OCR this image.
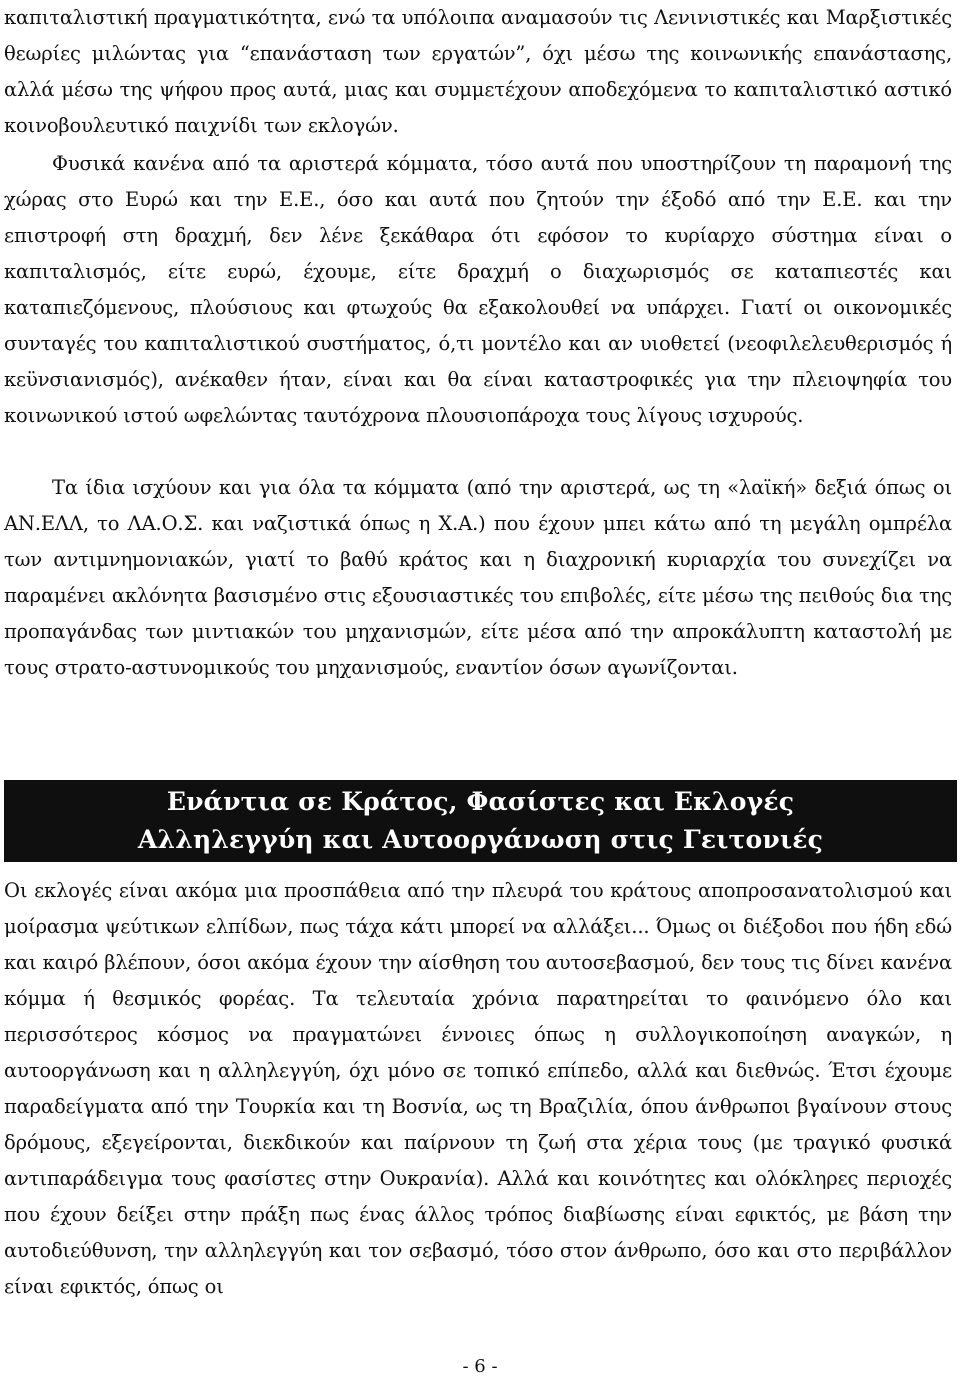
καπιταλιστική πραγματικότητα, ενώ τα υπόλοιπα αναμασούν τις Λενινιστικές και Μαρξιστικές θεωρίες μιλώντας για “επανάσταση των εργατών”, όχι μέσω της κοινωνικής επανάστασης, αλλά μέσω της ψήφου προς αυτά, μιας και συμμετέχουν αποδεχόμενα το καπιταλιστικό αστικό κοινοβουλευτικό παιχνίδι των εκλογών.

Φυσικά κανένα από τα αριστερά κόμματα, τόσο αυτά που υποστηρίζουν τη παραμονή της χώρας στο Ευρώ και την Ε.Ε., όσο και αυτά που ζητούν την έξοδό από την Ε.Ε. και την επιστροφή στη δραχμή, δεν λένε ξεκάθαρα ότι εφόσον το κυρίαρχο σύστημα είναι ο καπιταλισμός, είτε ευρώ, έχουμε, είτε δραχμή ο διαχωρισμός σε καταπιεστές και καταπιεζόμενους, πλούσιους και φτωχούς θα εξακολουθεί να υπάρχει. Γιατί οι οικονομικές συνταγές του καπιταλιστικού συστήματος, ό,τι μοντέλο και αν υιοθετεί (νεοφιλελευθερισμός ή κεϋνσιανισμός), ανέκαθεν ήταν, είναι και θα είναι καταστροφικές για την πλειοψηφία του κοινωνικού ιστού ωφελώντας ταυτόχρονα πλουσιοπάροχα τους λίγους ισχυρούς.

Τα ίδια ισχύουν και για όλα τα κόμματα (από την αριστερά, ως τη «λαϊκή» δεξιά όπως οι ΑΝ.ΕΛΛ, το ΛΑ.Ο.Σ. και ναζιστικά όπως η Χ.Α.) που έχουν μπει κάτω από τη μεγάλη ομπρέλα των αντιμνημονιακών, γιατί το βαθύ κράτος και η διαχρονική κυριαρχία του συνεχίζει να παραμένει ακλόνητα βασισμένο στις εξουσιαστικές του επιβολές, είτε μέσω της πειθούς δια της προπαγάνδας των μιντιακών του μηχανισμών, είτε μέσα από την απροκάλυπτη καταστολή με τους στρατο-αστυνομικούς του μηχανισμούς, εναντίον όσων αγωνίζονται.

Ενάντια σε Κράτος, Φασίστες και Εκλογές
Αλληλεγγύη και Αυτοοργάνωση στις Γειτονιές

Οι εκλογές είναι ακόμα μια προσπάθεια από την πλευρά του κράτους αποπροσανατολισμού και μοίρασμα ψεύτικων ελπίδων, πως τάχα κάτι μπορεί να αλλάξει... Όμως οι διέξοδοι που ήδη εδώ και καιρό βλέπουν, όσοι ακόμα έχουν την αίσθηση του αυτοσεβασμού, δεν τους τις δίνει κανένα κόμμα ή θεσμικός φορέας. Τα τελευταία χρόνια παρατηρείται το φαινόμενο όλο και περισσότερος κόσμος να πραγματώνει έννοιες όπως η συλλογικοποίηση αναγκών, η αυτοοργάνωση και η αλληλεγγύη, όχι μόνο σε τοπικό επίπεδο, αλλά και διεθνώς. Έτσι έχουμε παραδείγματα από την Τουρκία και τη Βοσνία, ως τη Βραζιλία, όπου άνθρωποι βγαίνουν στους δρόμους, εξεγείρονται, διεκδικούν και παίρνουν τη ζωή στα χέρια τους (με τραγικό φυσικά αντιπαράδειγμα τους φασίστες στην Ουκρανία). Αλλά και κοινότητες και ολόκληρες περιοχές που έχουν δείξει στην πράξη πως ένας άλλος τρόπος διαβίωσης είναι εφικτός, με βάση την αυτοδιεύθυνση, την αλληλεγγύη και τον σεβασμό, τόσο στον άνθρωπο, όσο και στο περιβάλλον είναι εφικτός, όπως οι

- 6 -
